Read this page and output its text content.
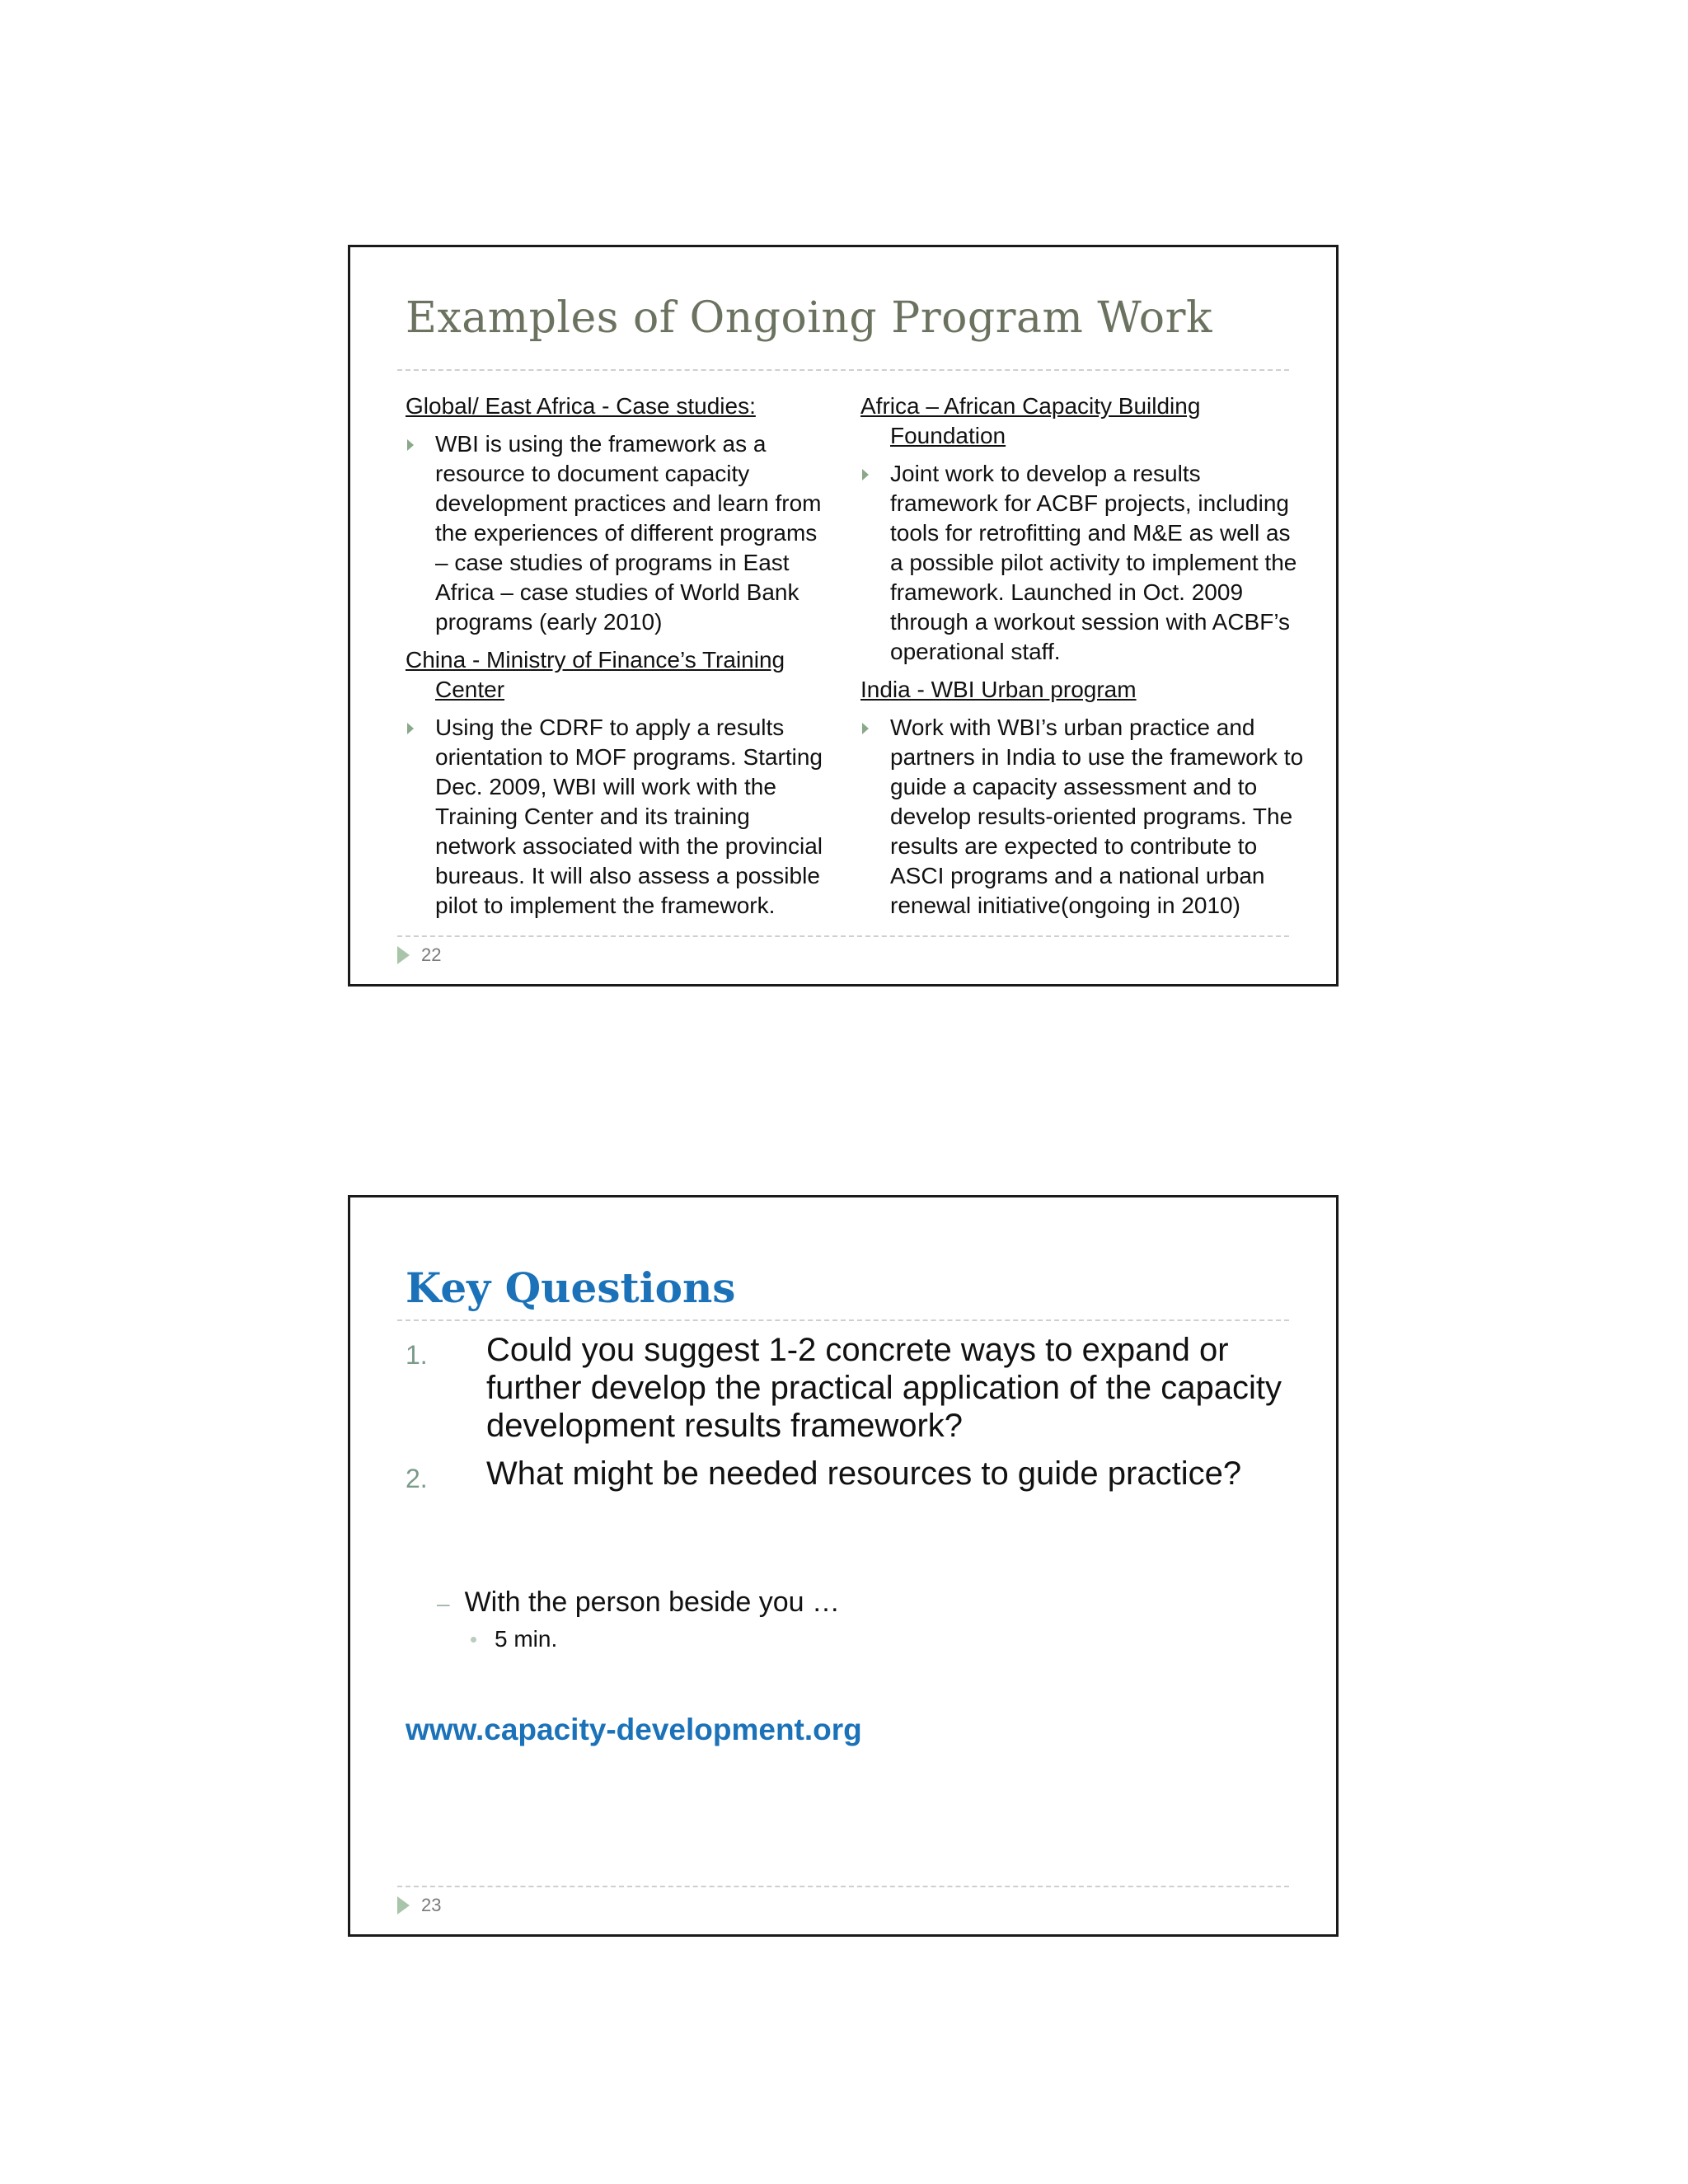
Examples of Ongoing Program Work
Global/ East Africa - Case studies:
WBI is using the framework as a resource to document capacity development practices and learn from the experiences of different programs – case studies of programs in East Africa – case studies of World Bank programs (early 2010)
China - Ministry of Finance’s Training Center
Using the CDRF to apply a results orientation to MOF programs. Starting Dec. 2009, WBI will work with the Training Center and its training network associated with the provincial bureaus. It will also assess a possible pilot to implement the framework.
Africa – African Capacity Building Foundation
Joint work to develop a results framework for ACBF projects, including tools for retrofitting and M&E as well as a possible pilot activity to implement the framework. Launched in Oct. 2009 through a workout session with ACBF’s operational staff.
India - WBI Urban program
Work with WBI’s urban practice and partners in India to use the framework to guide a capacity assessment and to develop results-oriented programs. The results are expected to contribute to ASCI programs and a national urban renewal initiative(ongoing in 2010)
22
Key Questions
1.	Could you suggest 1-2 concrete ways to expand or further develop the practical application of the capacity development results framework?
2.	What might be needed resources to guide practice?
– With the person beside you …
5 min.
www.capacity-development.org
23
